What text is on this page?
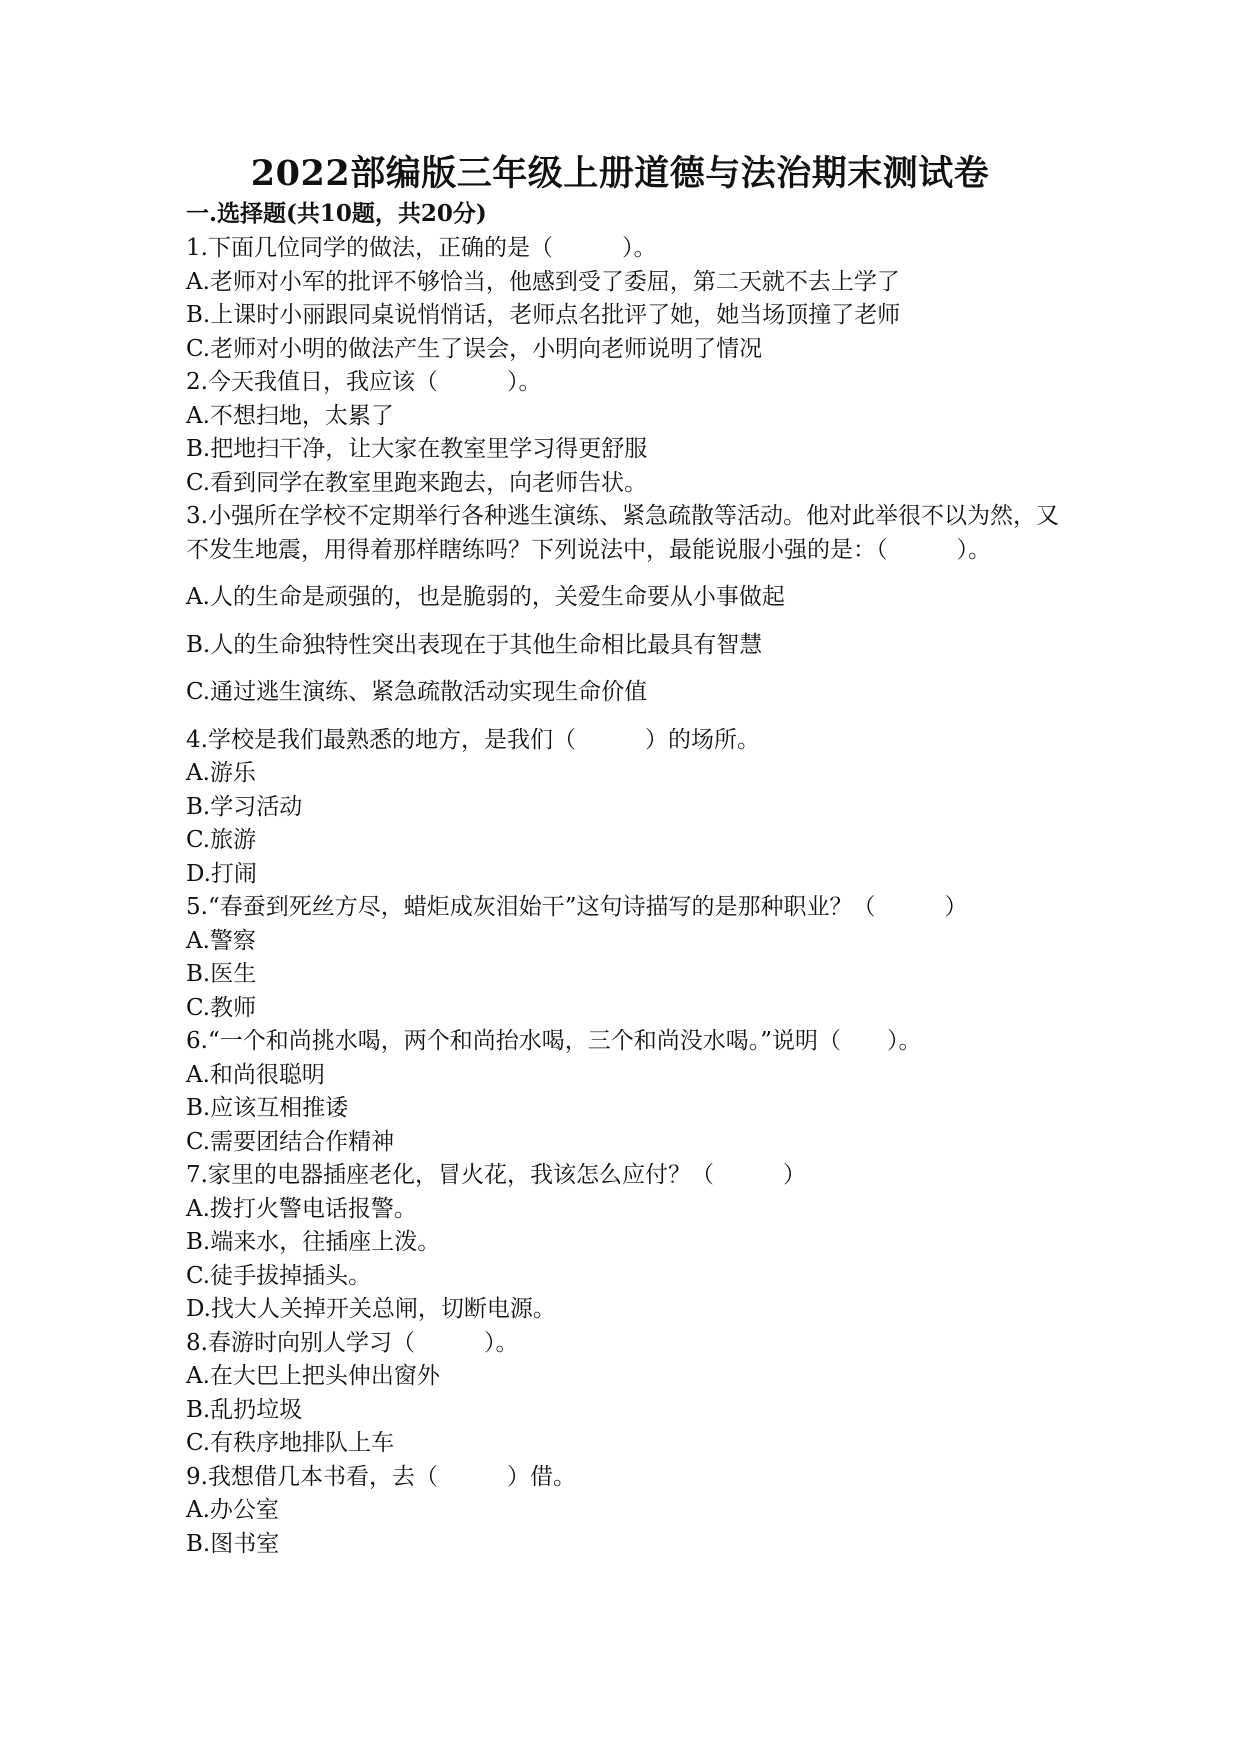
2022部编版三年级上册道德与法治期末测试卷
一.选择题(共10题，共20分)

1.下面几位同学的做法，正确的是（　　　）。

A.老师对小军的批评不够恰当，他感到受了委屈，第二天就不去上学了

B.上课时小丽跟同桌说悄悄话，老师点名批评了她，她当场顶撞了老师

C.老师对小明的做法产生了误会，小明向老师说明了情况

2.今天我值日，我应该（　　　）。

A.不想扫地，太累了

B.把地扫干净，让大家在教室里学习得更舒服

C.看到同学在教室里跑来跑去，向老师告状。

3.小强所在学校不定期举行各种逃生演练、紧急疏散等活动。他对此举很不以为然，又不发生地震，用得着那样瞎练吗？下列说法中，最能说服小强的是：（　　　）。

A.人的生命是顽强的，也是脆弱的，关爱生命要从小事做起

B.人的生命独特性突出表现在于其他生命相比最具有智慧

C.通过逃生演练、紧急疏散活动实现生命价值

4.学校是我们最熟悉的地方，是我们（　　　）的场所。

A.游乐

B.学习活动

C.旅游

D.打闹

5.“春蚕到死丝方尽，蜡炬成灰泪始干”这句诗描写的是那种职业？（　　　）

A.警察

B.医生

C.教师

6.“一个和尚挑水喝，两个和尚抬水喝，三个和尚没水喝。”说明（　　）。

A.和尚很聪明

B.应该互相推诿

C.需要团结合作精神

7.家里的电器插座老化，冒火花，我该怎么应付？（　　　）

A.拨打火警电话报警。

B.端来水，往插座上泼。

C.徒手拔掉插头。

D.找大人关掉开关总闸，切断电源。

8.春游时向别人学习（　　　）。

A.在大巴上把头伸出窗外

B.乱扔垃圾

C.有秩序地排队上车

9.我想借几本书看，去（　　　）借。

A.办公室

B.图书室
